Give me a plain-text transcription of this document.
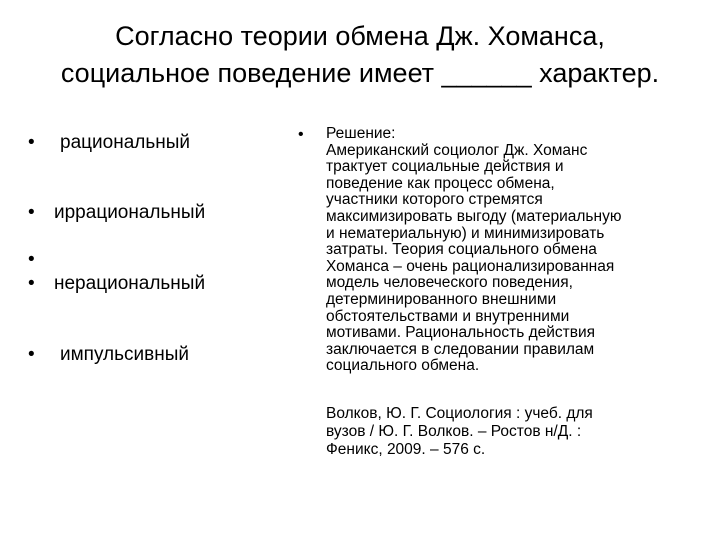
Согласно теории обмена Дж. Хоманса,
социальное поведение имеет ______ характер.
• рациональный
• иррациональный
•
• нерациональный
• импульсивный
• Решение:
Американский социолог Дж. Хоманс
трактует социальные действия и
поведение как процесс обмена,
участники которого стремятся
максимизировать выгоду (материальную
и нематериальную) и минимизировать
затраты. Теория социального обмена
Хоманса – очень рационализированная
модель человеческого поведения,
детерминированного внешними
обстоятельствами и внутренними
мотивами. Рациональность действия
заключается в следовании правилам
социального обмена.
Волков, Ю. Г. Социология : учеб. для
вузов / Ю. Г. Волков. – Ростов н/Д. :
Феникс, 2009. – 576 с.
